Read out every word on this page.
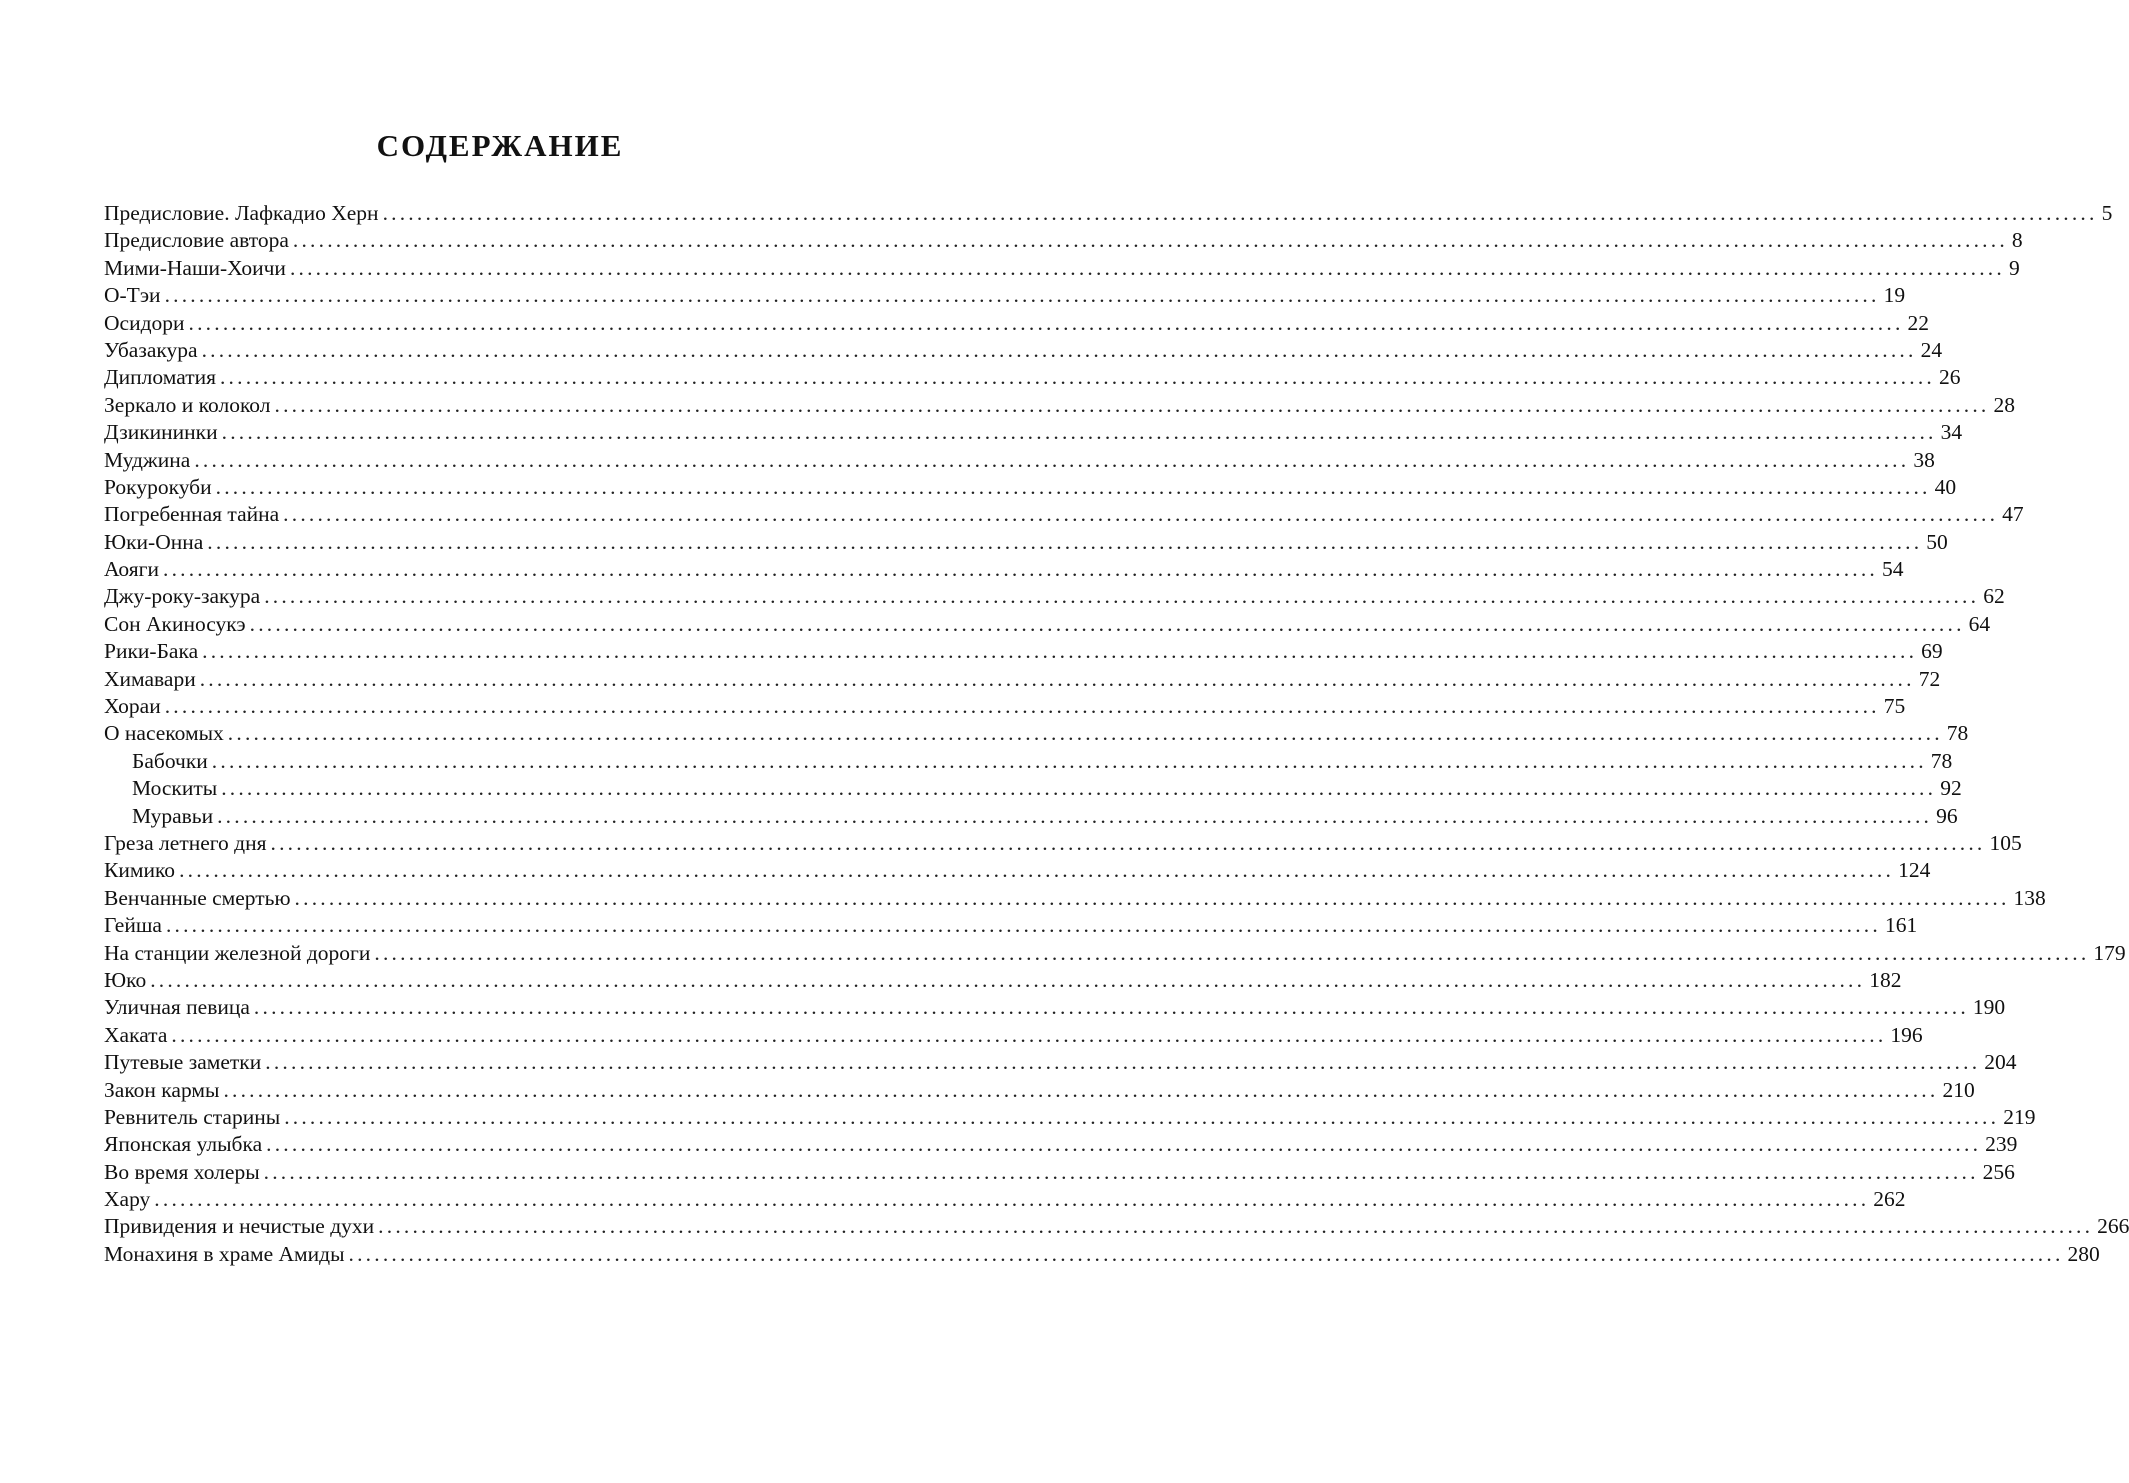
СОДЕРЖАНИЕ
Предисловие. Лафкадио Херн ........................................................................................................................................................................................................ 5
Предисловие автора ........................................................................................................................................................................................................ 8
Мими-Наши-Хоичи ........................................................................................................................................................................................................ 9
О-Тэи ........................................................................................................................................................................................................ 19
Осидори ........................................................................................................................................................................................................ 22
Убазакура ........................................................................................................................................................................................................ 24
Дипломатия ........................................................................................................................................................................................................ 26
Зеркало и колокол ........................................................................................................................................................................................................ 28
Дзикининки ........................................................................................................................................................................................................ 34
Муджина ........................................................................................................................................................................................................ 38
Рокурокуби ........................................................................................................................................................................................................ 40
Погребенная тайна ........................................................................................................................................................................................................ 47
Юки-Онна ........................................................................................................................................................................................................ 50
Аояги ........................................................................................................................................................................................................ 54
Джу-року-закура ........................................................................................................................................................................................................ 62
Сон Акиносукэ ........................................................................................................................................................................................................ 64
Рики-Бака ........................................................................................................................................................................................................ 69
Химавари ........................................................................................................................................................................................................ 72
Хораи ........................................................................................................................................................................................................ 75
О насекомых ........................................................................................................................................................................................................ 78
Бабочки ........................................................................................................................................................................................................ 78
Москиты ........................................................................................................................................................................................................ 92
Муравьи ........................................................................................................................................................................................................ 96
Греза летнего дня ........................................................................................................................................................................................................ 105
Кимико ........................................................................................................................................................................................................ 124
Венчанные смертью ........................................................................................................................................................................................................ 138
Гейша ........................................................................................................................................................................................................ 161
На станции железной дороги ........................................................................................................................................................................................................ 179
Юко ........................................................................................................................................................................................................ 182
Уличная певица ........................................................................................................................................................................................................ 190
Хаката ........................................................................................................................................................................................................ 196
Путевые заметки ........................................................................................................................................................................................................ 204
Закон кармы ........................................................................................................................................................................................................ 210
Ревнитель старины ........................................................................................................................................................................................................ 219
Японская улыбка ........................................................................................................................................................................................................ 239
Во время холеры ........................................................................................................................................................................................................ 256
Хару ........................................................................................................................................................................................................ 262
Привидения и нечистые духи ........................................................................................................................................................................................................ 266
Монахиня в храме Амиды ........................................................................................................................................................................................................ 280
